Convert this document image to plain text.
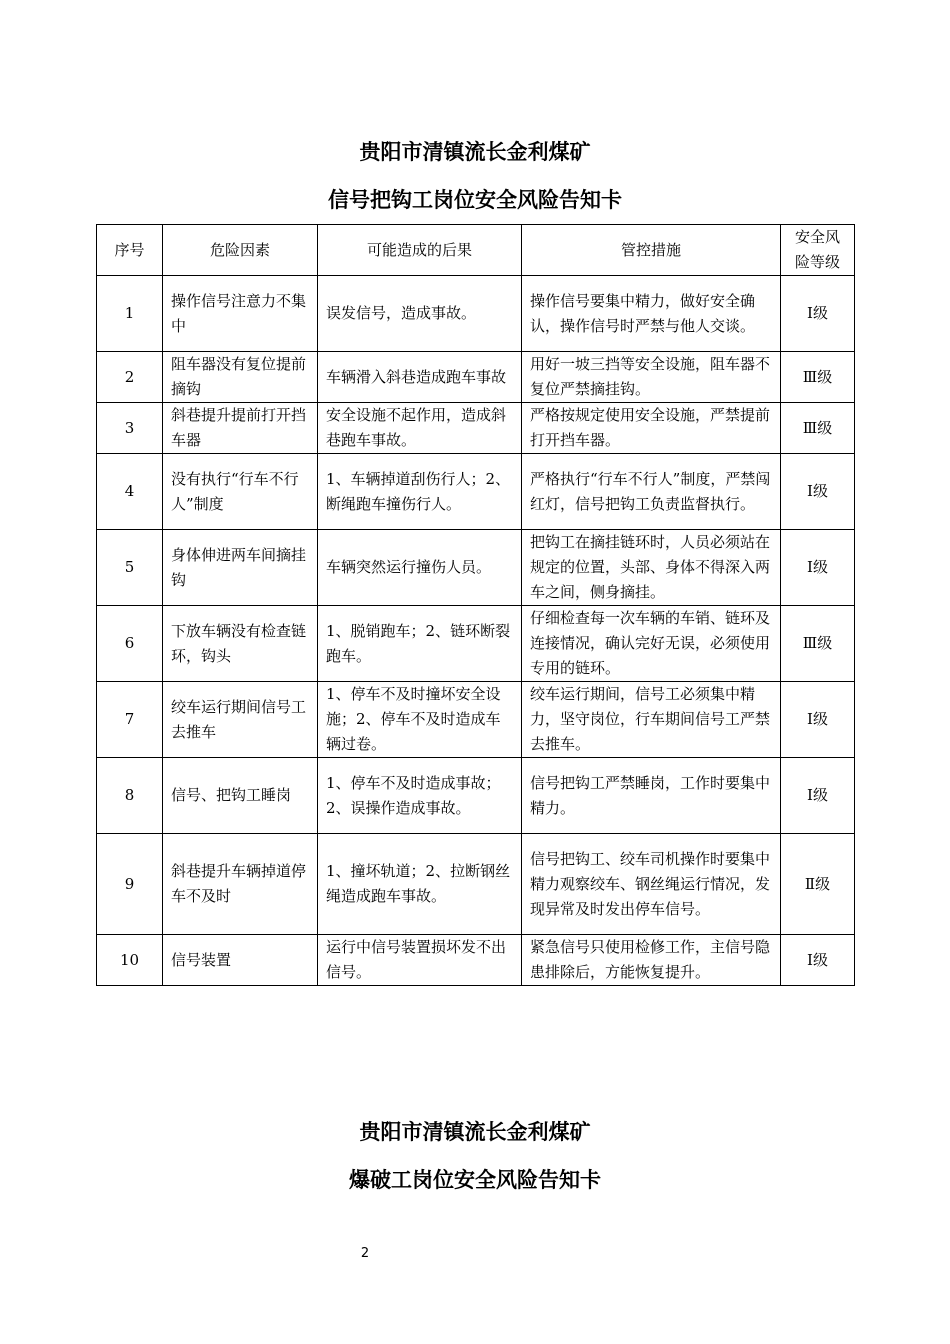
贵阳市清镇流长金利煤矿
信号把钩工岗位安全风险告知卡
序号	危险因素	可能造成的后果	管控措施	安全风险等级
1	操作信号注意力不集中	误发信号，造成事故。	操作信号要集中精力，做好安全确认，操作信号时严禁与他人交谈。	Ⅰ级
2	阻车器没有复位提前摘钩	车辆滑入斜巷造成跑车事故	用好一坡三挡等安全设施，阻车器不复位严禁摘挂钩。	Ⅲ级
3	斜巷提升提前打开挡车器	安全设施不起作用，造成斜巷跑车事故。	严格按规定使用安全设施，严禁提前打开挡车器。	Ⅲ级
4	没有执行“行车不行人”制度	1、车辆掉道刮伤行人；2、断绳跑车撞伤行人。	严格执行“行车不行人”制度，严禁闯红灯，信号把钩工负责监督执行。	Ⅰ级
5	身体伸进两车间摘挂钩	车辆突然运行撞伤人员。	把钩工在摘挂链环时，人员必须站在规定的位置，头部、身体不得深入两车之间，侧身摘挂。	Ⅰ级
6	下放车辆没有检查链环，钩头	1、脱销跑车；2、链环断裂跑车。	仔细检查每一次车辆的车销、链环及连接情况，确认完好无误，必须使用专用的链环。	Ⅲ级
7	绞车运行期间信号工去推车	1、停车不及时撞坏安全设施；2、停车不及时造成车辆过卷。	绞车运行期间，信号工必须集中精力，坚守岗位，行车期间信号工严禁去推车。	Ⅰ级
8	信号、把钩工睡岗	1、停车不及时造成事故；2、误操作造成事故。	信号把钩工严禁睡岗，工作时要集中精力。	Ⅰ级
9	斜巷提升车辆掉道停车不及时	1、撞坏轨道；2、拉断钢丝绳造成跑车事故。	信号把钩工、绞车司机操作时要集中精力观察绞车、钢丝绳运行情况，发现异常及时发出停车信号。	Ⅱ级
10	信号装置	运行中信号装置损坏发不出信号。	紧急信号只使用检修工作，主信号隐患排除后，方能恢复提升。	Ⅰ级
贵阳市清镇流长金利煤矿
爆破工岗位安全风险告知卡
2
